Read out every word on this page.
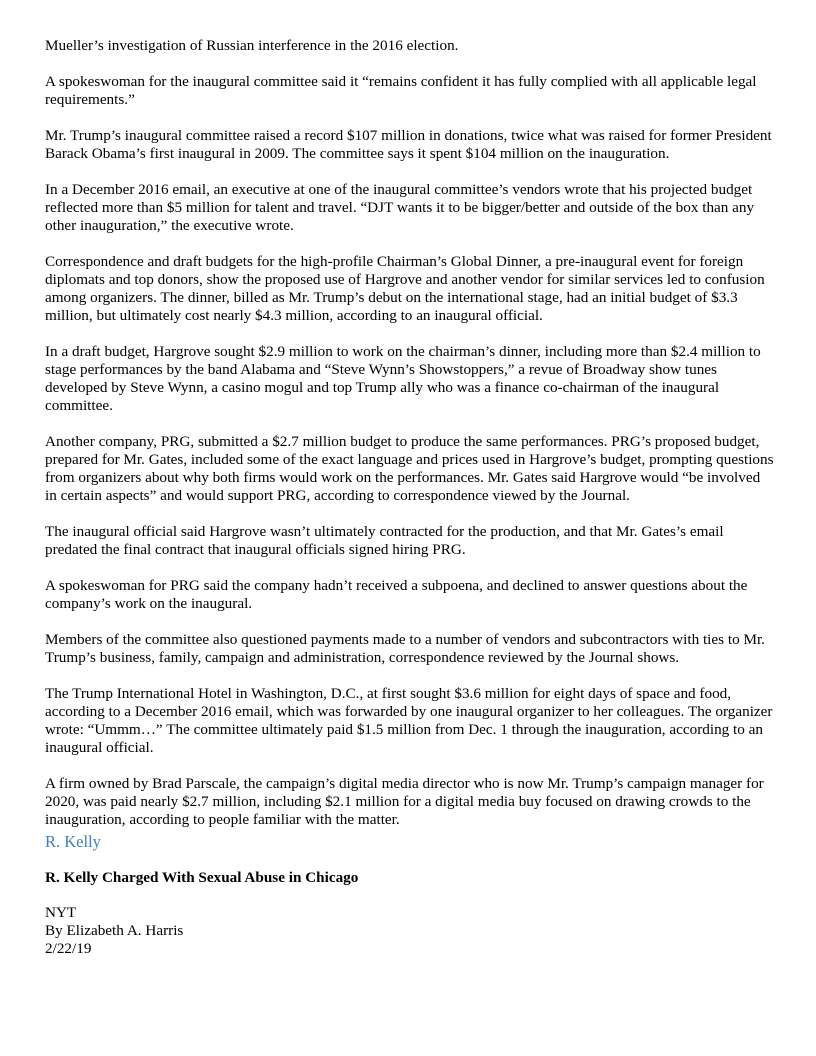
Mueller’s investigation of Russian interference in the 2016 election.

A spokeswoman for the inaugural committee said it “remains confident it has fully complied with all applicable legal requirements.”

Mr. Trump’s inaugural committee raised a record $107 million in donations, twice what was raised for former President Barack Obama’s first inaugural in 2009. The committee says it spent $104 million on the inauguration.

In a December 2016 email, an executive at one of the inaugural committee’s vendors wrote that his projected budget reflected more than $5 million for talent and travel. “DJT wants it to be bigger/better and outside of the box than any other inauguration,” the executive wrote.

Correspondence and draft budgets for the high-profile Chairman’s Global Dinner, a pre-inaugural event for foreign diplomats and top donors, show the proposed use of Hargrove and another vendor for similar services led to confusion among organizers. The dinner, billed as Mr. Trump’s debut on the international stage, had an initial budget of $3.3 million, but ultimately cost nearly $4.3 million, according to an inaugural official.

In a draft budget, Hargrove sought $2.9 million to work on the chairman’s dinner, including more than $2.4 million to stage performances by the band Alabama and “Steve Wynn’s Showstoppers,” a revue of Broadway show tunes developed by Steve Wynn, a casino mogul and top Trump ally who was a finance co-chairman of the inaugural committee.

Another company, PRG, submitted a $2.7 million budget to produce the same performances. PRG’s proposed budget, prepared for Mr. Gates, included some of the exact language and prices used in Hargrove’s budget, prompting questions from organizers about why both firms would work on the performances. Mr. Gates said Hargrove would “be involved in certain aspects” and would support PRG, according to correspondence viewed by the Journal.

The inaugural official said Hargrove wasn’t ultimately contracted for the production, and that Mr. Gates’s email predated the final contract that inaugural officials signed hiring PRG.

A spokeswoman for PRG said the company hadn’t received a subpoena, and declined to answer questions about the company’s work on the inaugural.

Members of the committee also questioned payments made to a number of vendors and subcontractors with ties to Mr. Trump’s business, family, campaign and administration, correspondence reviewed by the Journal shows.

The Trump International Hotel in Washington, D.C., at first sought $3.6 million for eight days of space and food, according to a December 2016 email, which was forwarded by one inaugural organizer to her colleagues. The organizer wrote: “Ummm…” The committee ultimately paid $1.5 million from Dec. 1 through the inauguration, according to an inaugural official.

A firm owned by Brad Parscale, the campaign’s digital media director who is now Mr. Trump’s campaign manager for 2020, was paid nearly $2.7 million, including $2.1 million for a digital media buy focused on drawing crowds to the inauguration, according to people familiar with the matter.

R. Kelly

R. Kelly Charged With Sexual Abuse in Chicago

NYT

By Elizabeth A. Harris

2/22/19
